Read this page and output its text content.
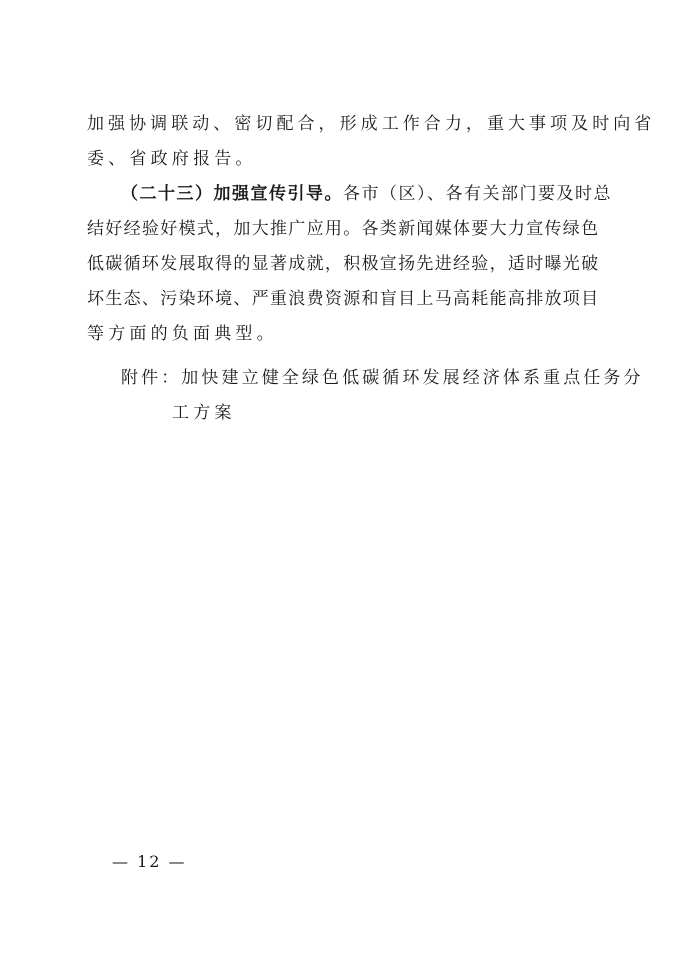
加强协调联动、密切配合，形成工作合力，重大事项及时向省
委、省政府报告。
（二十三）加强宣传引导。各市（区）、各有关部门要及时总
结好经验好模式，加大推广应用。各类新闻媒体要大力宣传绿色
低碳循环发展取得的显著成就，积极宣扬先进经验，适时曝光破
坏生态、污染环境、严重浪费资源和盲目上马高耗能高排放项目
等方面的负面典型。
附件：加快建立健全绿色低碳循环发展经济体系重点任务分
工方案
— 12 —
